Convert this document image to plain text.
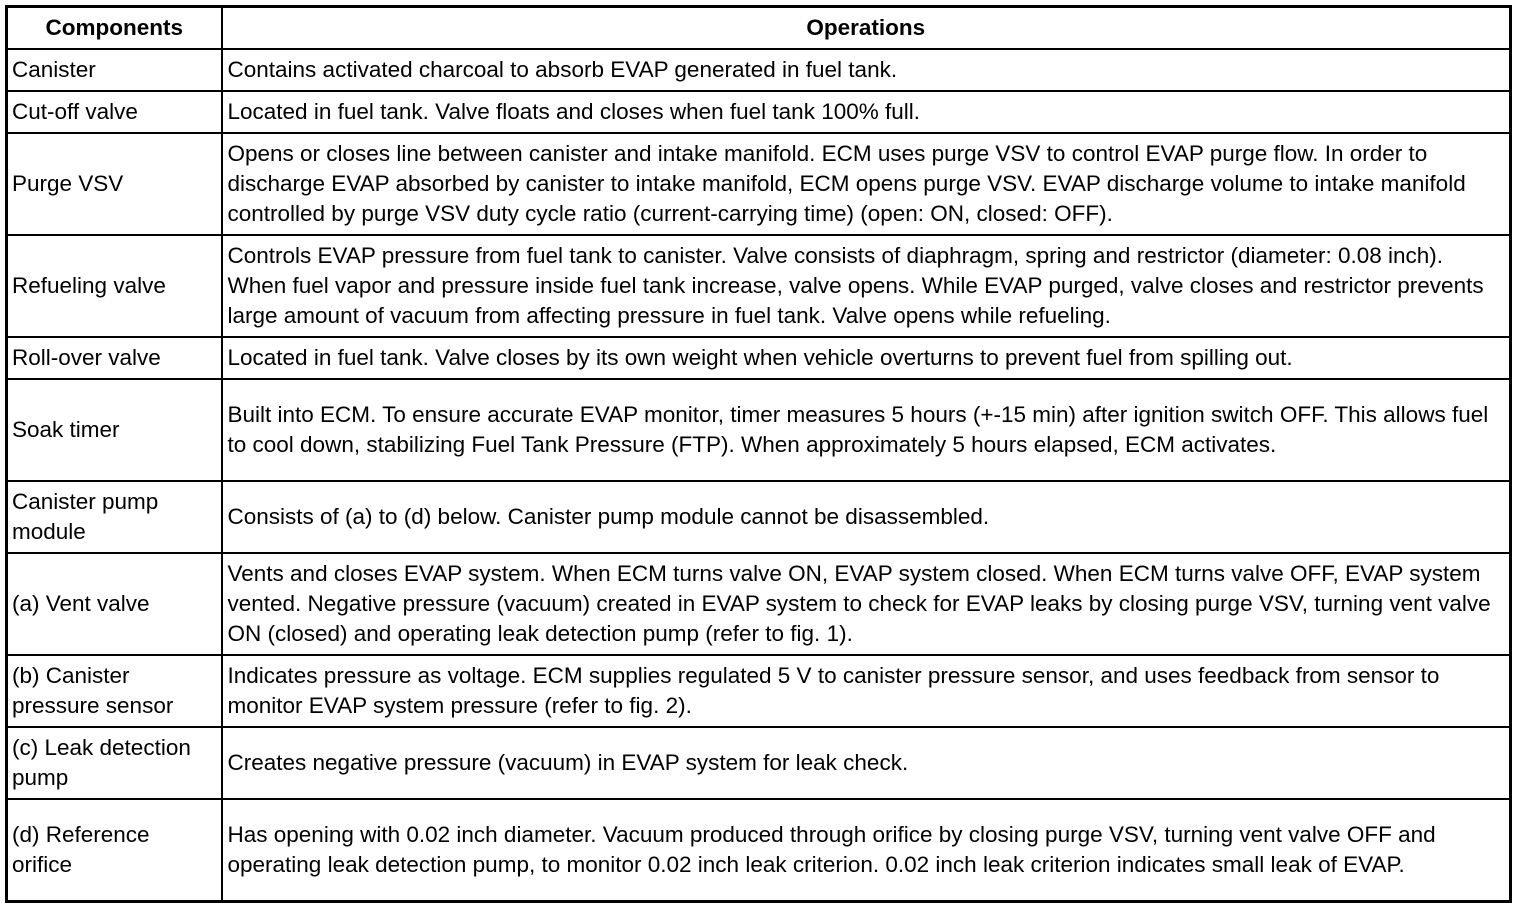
Components	Operations
Canister	Contains activated charcoal to absorb EVAP generated in fuel tank.
Cut-off valve	Located in fuel tank. Valve floats and closes when fuel tank 100% full.
Purge VSV	Opens or closes line between canister and intake manifold. ECM uses purge VSV to control EVAP purge flow. In order to discharge EVAP absorbed by canister to intake manifold, ECM opens purge VSV. EVAP discharge volume to intake manifold controlled by purge VSV duty cycle ratio (current-carrying time) (open: ON, closed: OFF).
Refueling valve	Controls EVAP pressure from fuel tank to canister. Valve consists of diaphragm, spring and restrictor (diameter: 0.08 inch). When fuel vapor and pressure inside fuel tank increase, valve opens. While EVAP purged, valve closes and restrictor prevents large amount of vacuum from affecting pressure in fuel tank. Valve opens while refueling.
Roll-over valve	Located in fuel tank. Valve closes by its own weight when vehicle overturns to prevent fuel from spilling out.
Soak timer	Built into ECM. To ensure accurate EVAP monitor, timer measures 5 hours (+-15 min) after ignition switch OFF. This allows fuel to cool down, stabilizing Fuel Tank Pressure (FTP). When approximately 5 hours elapsed, ECM activates.
Canister pump module	Consists of (a) to (d) below. Canister pump module cannot be disassembled.
(a) Vent valve	Vents and closes EVAP system. When ECM turns valve ON, EVAP system closed. When ECM turns valve OFF, EVAP system vented. Negative pressure (vacuum) created in EVAP system to check for EVAP leaks by closing purge VSV, turning vent valve ON (closed) and operating leak detection pump (refer to fig. 1).
(b) Canister pressure sensor	Indicates pressure as voltage. ECM supplies regulated 5 V to canister pressure sensor, and uses feedback from sensor to monitor EVAP system pressure (refer to fig. 2).
(c) Leak detection pump	Creates negative pressure (vacuum) in EVAP system for leak check.
(d) Reference orifice	Has opening with 0.02 inch diameter. Vacuum produced through orifice by closing purge VSV, turning vent valve OFF and operating leak detection pump, to monitor 0.02 inch leak criterion. 0.02 inch leak criterion indicates small leak of EVAP.
